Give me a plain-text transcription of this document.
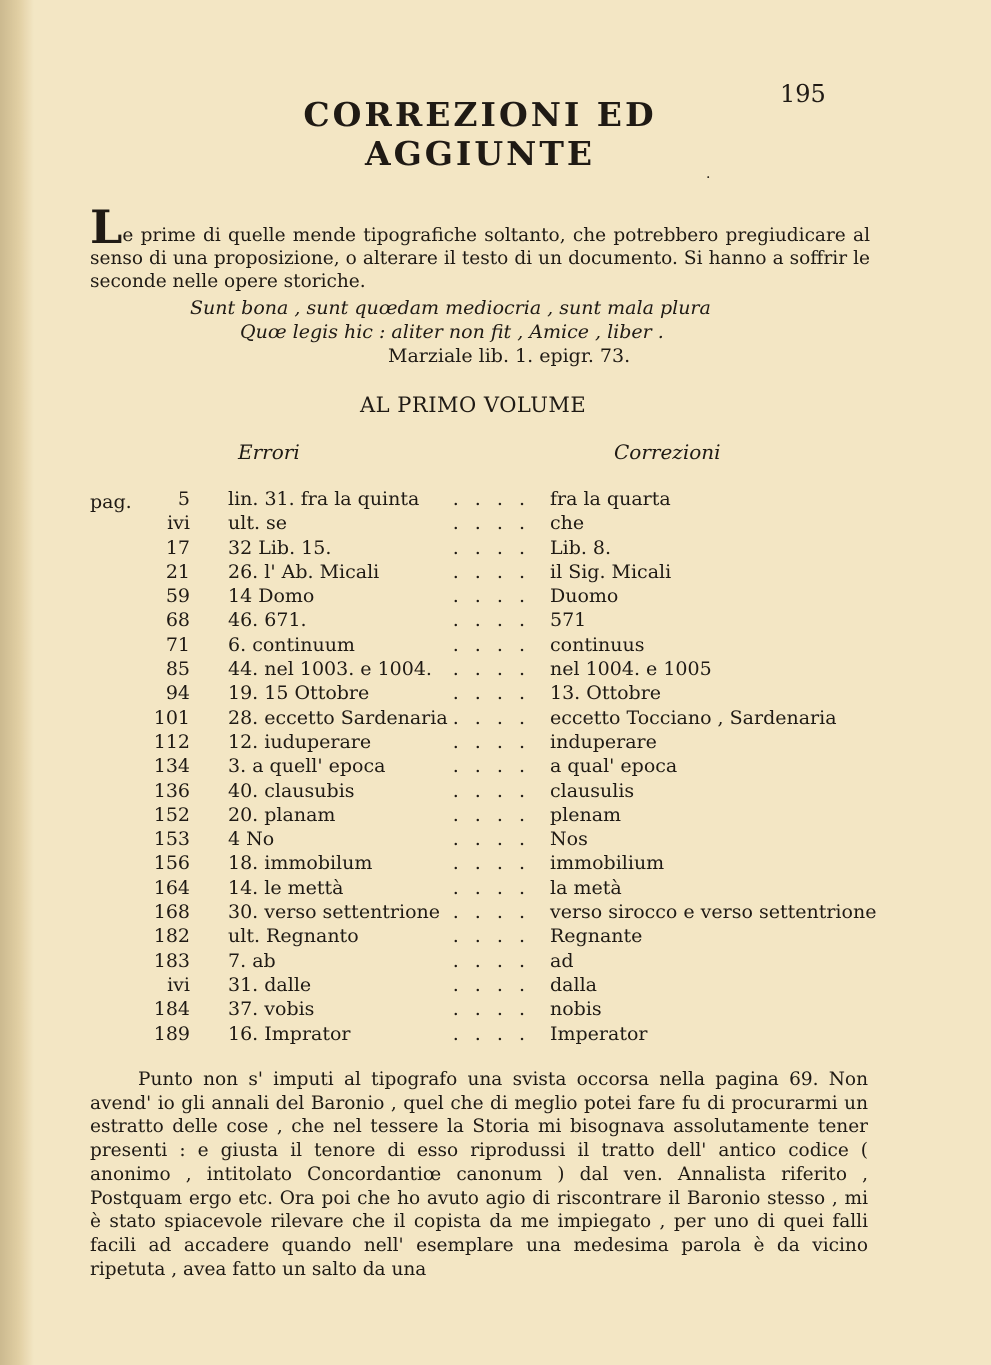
195
CORREZIONI ED AGGIUNTE
·
Le prime di quelle mende tipografiche soltanto, che potrebbero pregiudicare al senso di una proposizione, o alterare il testo di un documento. Si hanno a soffrir le seconde nelle opere storiche.
Sunt bona , sunt quœdam mediocria , sunt mala plura
Quœ legis hic : aliter non fit , Amice , liber .
Marziale lib. 1. epigr. 73.
AL PRIMO VOLUME
Errori	Correzioni
pag.	5 lin. 31. fra la quinta	. . . . fra la quarta
ivi ult. se	. . . . che
17 32 Lib. 15.	. . . . Lib. 8.
21 26. l' Ab. Micali	. . . . il Sig. Micali
59 14 Domo	. . . . Duomo
68 46. 671.	. . . . 571
71 6. continuum	. . . . continuus
85 44. nel 1003. e 1004.	. . . . nel 1004. e 1005
94 19. 15 Ottobre	. . . . 13. Ottobre
101 28. eccetto Sardenaria . . . . eccetto Tocciano , Sardenaria
112 12. iuduperare	. . . . induperare
134 3. a quell' epoca	. . . . a qual' epoca
136 40. clausubis	. . . . clausulis
152 20. planam	. . . . plenam
153 4 No	. . . . Nos
156 18. immobilum	. . . . immobilium
164 14. le mettà	. . . . la metà
168 30. verso settentrione . . . . verso sirocco e verso settentrione
182 ult. Regnanto	. . . . Regnante
183 7. ab	. . . . ad
ivi 31. dalle	. . . . dalla
184 37. vobis	. . . . nobis
189 16. Imprator	. . . . Imperator

Punto non s' imputi al tipografo una svista occorsa nella pagina 69. Non avend' io gli annali del Baronio , quel che di meglio potei fare fu di procurarmi un estratto delle cose , che nel tessere la Storia mi bisognava assolutamente tener presenti : e giusta il tenore di esso riprodussi il tratto dell' antico codice ( anonimo , intitolato Concordantiœ canonum ) dal ven. Annalista riferito , Postquam ergo etc. Ora poi che ho avuto agio di riscontrare il Baronio stesso , mi è stato spiacevole rilevare che il copista da me impiegato , per uno di quei falli facili ad accadere quando nell' esemplare una medesima parola è da vicino ripetuta , avea fatto un salto da una
